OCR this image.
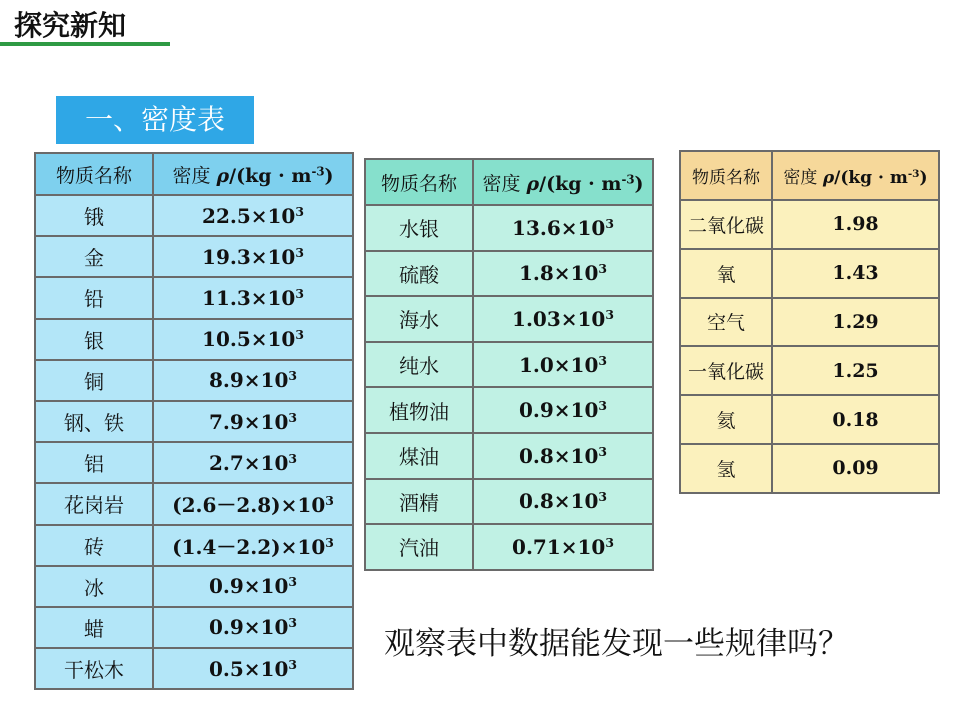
探究新知
一、密度表
物质名称	密度 $\rho/(kg \cdot m^{-3})$
锇	$22.5\times 10^3$
金	$19.3\times 10^3$
铅	$11.3\times 10^3$
银	$10.5\times 10^3$
铜	$8.9\times 10^3$
钢、铁	$7.9\times 10^3$
铝	$2.7\times 10^3$
花岗岩	$(2.6-2.8)\times 10^3$
砖	$(1.4-2.2)\times 10^3$
冰	$0.9\times 10^3$
蜡	$0.9\times 10^3$
干松木	$0.5\times 10^3$
物质名称	密度 $\rho/(kg \cdot m^{-3})$
水银	$13.6\times 10^3$
硫酸	$1.8\times 10^3$
海水	$1.03\times 10^3$
纯水	$1.0\times 10^3$
植物油	$0.9\times 10^3$
煤油	$0.8\times 10^3$
酒精	$0.8\times 10^3$
汽油	$0.71\times 10^3$
物质名称	密度 $\rho/(kg \cdot m^{-3})$
二氧化碳	1.98
氧	1.43
空气	1.29
一氧化碳	1.25
氦	0.18
氢	0.09
观察表中数据能发现一些规律吗？
